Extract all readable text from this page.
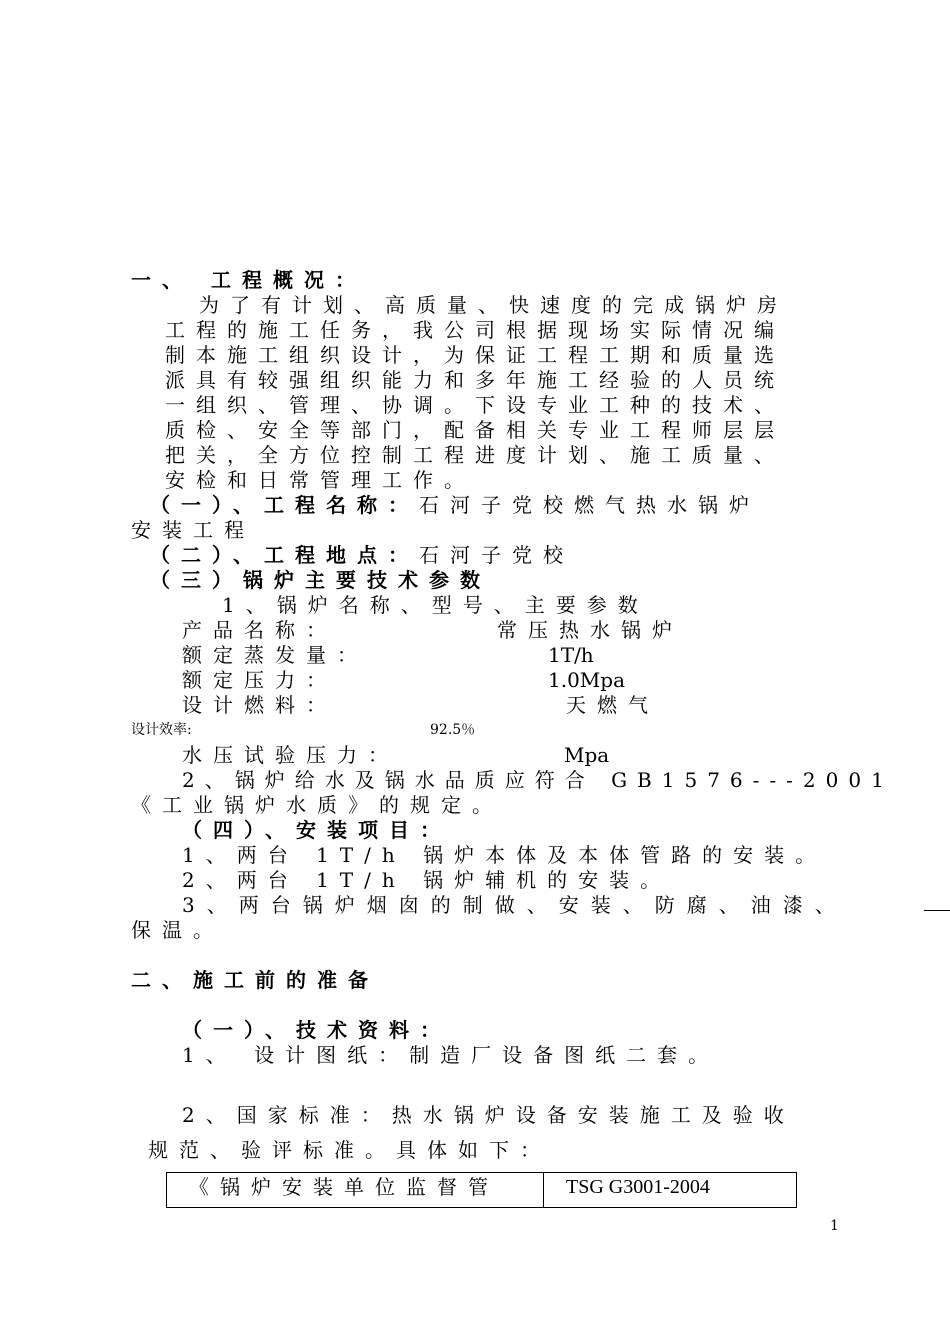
一、 工程概况：
为了有计划、高质量、快速度的完成锅炉房
工程的施工任务，我公司根据现场实际情况编
制本施工组织设计，为保证工程工期和质量选
派具有较强组织能力和多年施工经验的人员统
一组织、管理、协调。下设专业工种的技术、
质检、安全等部门，配备相关专业工程师层层
把关，全方位控制工程进度计划、施工质量、
安检和日常管理工作。
（一）、工程名称：石河子党校燃气热水锅炉
安装工程
（二）、工程地点：石河子党校
（三）锅炉主要技术参数
1、锅炉名称、型号、主要参数
产品名称：	常压热水锅炉
额定蒸发量：	1T/h
额定压力：	1.0Mpa
设计燃料：	天燃气
设计效率:	92.5％
水压试验压力：	Mpa
2、锅炉给水及锅水品质应符合 GB1576---2001
《工业锅炉水质》的规定。
（四）、安装项目：
1、两台 1T/h 锅炉本体及本体管路的安装。
2、两台 1T/h 锅炉辅机的安装。
3、两台锅炉烟囱的制做、安装、防腐、油漆、
保温。
二、施工前的准备
（一）、技术资料：
1、 设计图纸：制造厂设备图纸二套。
2、国家标准：热水锅炉设备安装施工及验收
规范、验评标准。具体如下：
《锅炉安装单位监督管	TSG G3001-2004
1
